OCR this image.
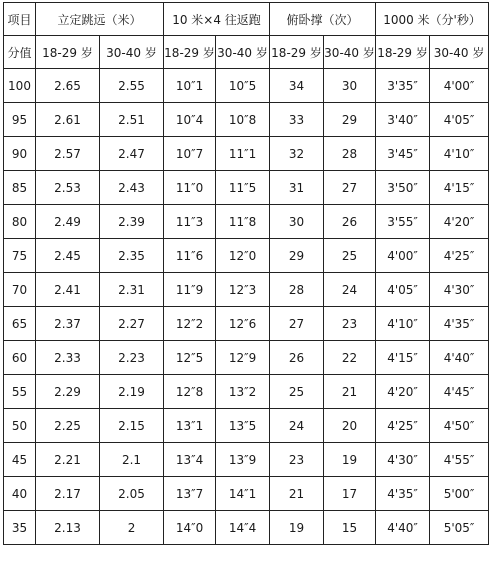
项目	立定跳远（米）		10 米×4 往返跑		俯卧撑（次）		1000 米（分'秒）	
分值	18-29 岁	30-40 岁	18-29 岁	30-40 岁	18-29 岁	30-40 岁	18-29 岁	30-40 岁
100	2.65	2.55	10″1	10″5	34	30	3'35″	4'00″
95	2.61	2.51	10″4	10″8	33	29	3'40″	4'05″
90	2.57	2.47	10″7	11″1	32	28	3'45″	4'10″
85	2.53	2.43	11″0	11″5	31	27	3'50″	4'15″
80	2.49	2.39	11″3	11″8	30	26	3'55″	4'20″
75	2.45	2.35	11″6	12″0	29	25	4'00″	4'25″
70	2.41	2.31	11″9	12″3	28	24	4'05″	4'30″
65	2.37	2.27	12″2	12″6	27	23	4'10″	4'35″
60	2.33	2.23	12″5	12″9	26	22	4'15″	4'40″
55	2.29	2.19	12″8	13″2	25	21	4'20″	4'45″
50	2.25	2.15	13″1	13″5	24	20	4'25″	4'50″
45	2.21	2.1	13″4	13″9	23	19	4'30″	4'55″
40	2.17	2.05	13″7	14″1	21	17	4'35″	5'00″
35	2.13	2	14″0	14″4	19	15	4'40″	5'05″
